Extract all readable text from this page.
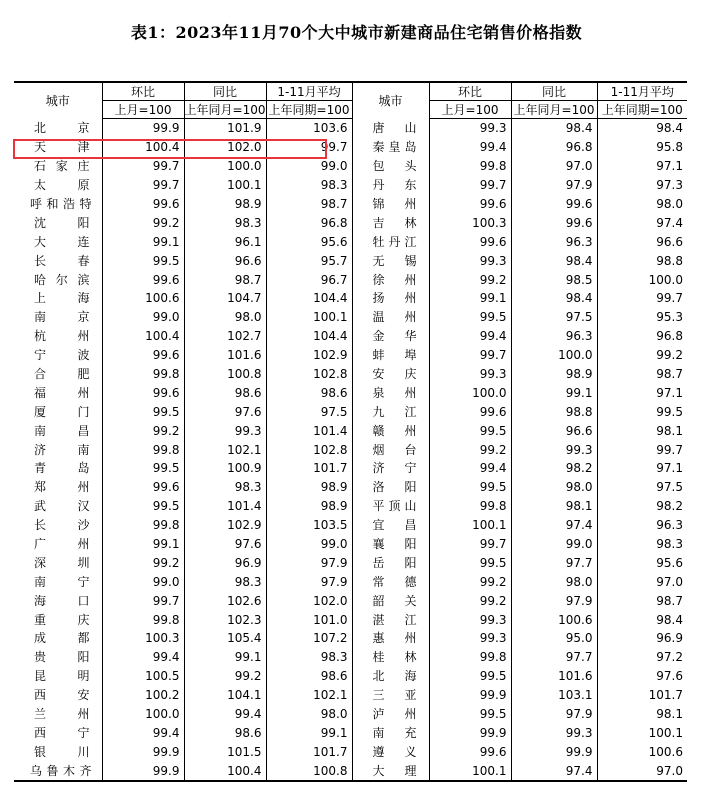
表1：2023年11月70个大中城市新建商品住宅销售价格指数
城市	环比	同比	1-11月平均	城市	环比	同比	1-11月平均
	上月=100	上年同月=100	上年同期=100		上月=100	上年同月=100	上年同期=100
北　京	99.9	101.9	103.6	唐　山	99.3	98.4	98.4
天　津	100.4	102.0	99.7	秦皇岛	99.4	96.8	95.8
石家庄	99.7	100.0	99.0	包　头	99.8	97.0	97.1
太　原	99.7	100.1	98.3	丹　东	99.7	97.9	97.3
呼和浩特	99.6	98.9	98.7	锦　州	99.6	99.6	98.0
沈　阳	99.2	98.3	96.8	吉　林	100.3	99.6	97.4
大　连	99.1	96.1	95.6	牡丹江	99.6	96.3	96.6
长　春	99.5	96.6	95.7	无　锡	99.3	98.4	98.8
哈尔滨	99.6	98.7	96.7	徐　州	99.2	98.5	100.0
上　海	100.6	104.7	104.4	扬　州	99.1	98.4	99.7
南　京	99.0	98.0	100.1	温　州	99.5	97.5	95.3
杭　州	100.4	102.7	104.4	金　华	99.4	96.3	96.8
宁　波	99.6	101.6	102.9	蚌　埠	99.7	100.0	99.2
合　肥	99.8	100.8	102.8	安　庆	99.3	98.9	98.7
福　州	99.6	98.6	98.6	泉　州	100.0	99.1	97.1
厦　门	99.5	97.6	97.5	九　江	99.6	98.8	99.5
南　昌	99.2	99.3	101.4	赣　州	99.5	96.6	98.1
济　南	99.8	102.1	102.8	烟　台	99.2	99.3	99.7
青　岛	99.5	100.9	101.7	济　宁	99.4	98.2	97.1
郑　州	99.6	98.3	98.9	洛　阳	99.5	98.0	97.5
武　汉	99.5	101.4	98.9	平顶山	99.8	98.1	98.2
长　沙	99.8	102.9	103.5	宜　昌	100.1	97.4	96.3
广　州	99.1	97.6	99.0	襄　阳	99.7	99.0	98.3
深　圳	99.2	96.9	97.9	岳　阳	99.5	97.7	95.6
南　宁	99.0	98.3	97.9	常　德	99.2	98.0	97.0
海　口	99.7	102.6	102.0	韶　关	99.2	97.9	98.7
重　庆	99.8	102.3	101.0	湛　江	99.3	100.6	98.4
成　都	100.3	105.4	107.2	惠　州	99.3	95.0	96.9
贵　阳	99.4	99.1	98.3	桂　林	99.8	97.7	97.2
昆　明	100.5	99.2	98.6	北　海	99.5	101.6	97.6
西　安	100.2	104.1	102.1	三　亚	99.9	103.1	101.7
兰　州	100.0	99.4	98.0	泸　州	99.5	97.9	98.1
西　宁	99.4	98.6	99.1	南　充	99.9	99.3	100.1
银　川	99.9	101.5	101.7	遵　义	99.6	99.9	100.6
乌鲁木齐	99.9	100.4	100.8	大　理	100.1	97.4	97.0
